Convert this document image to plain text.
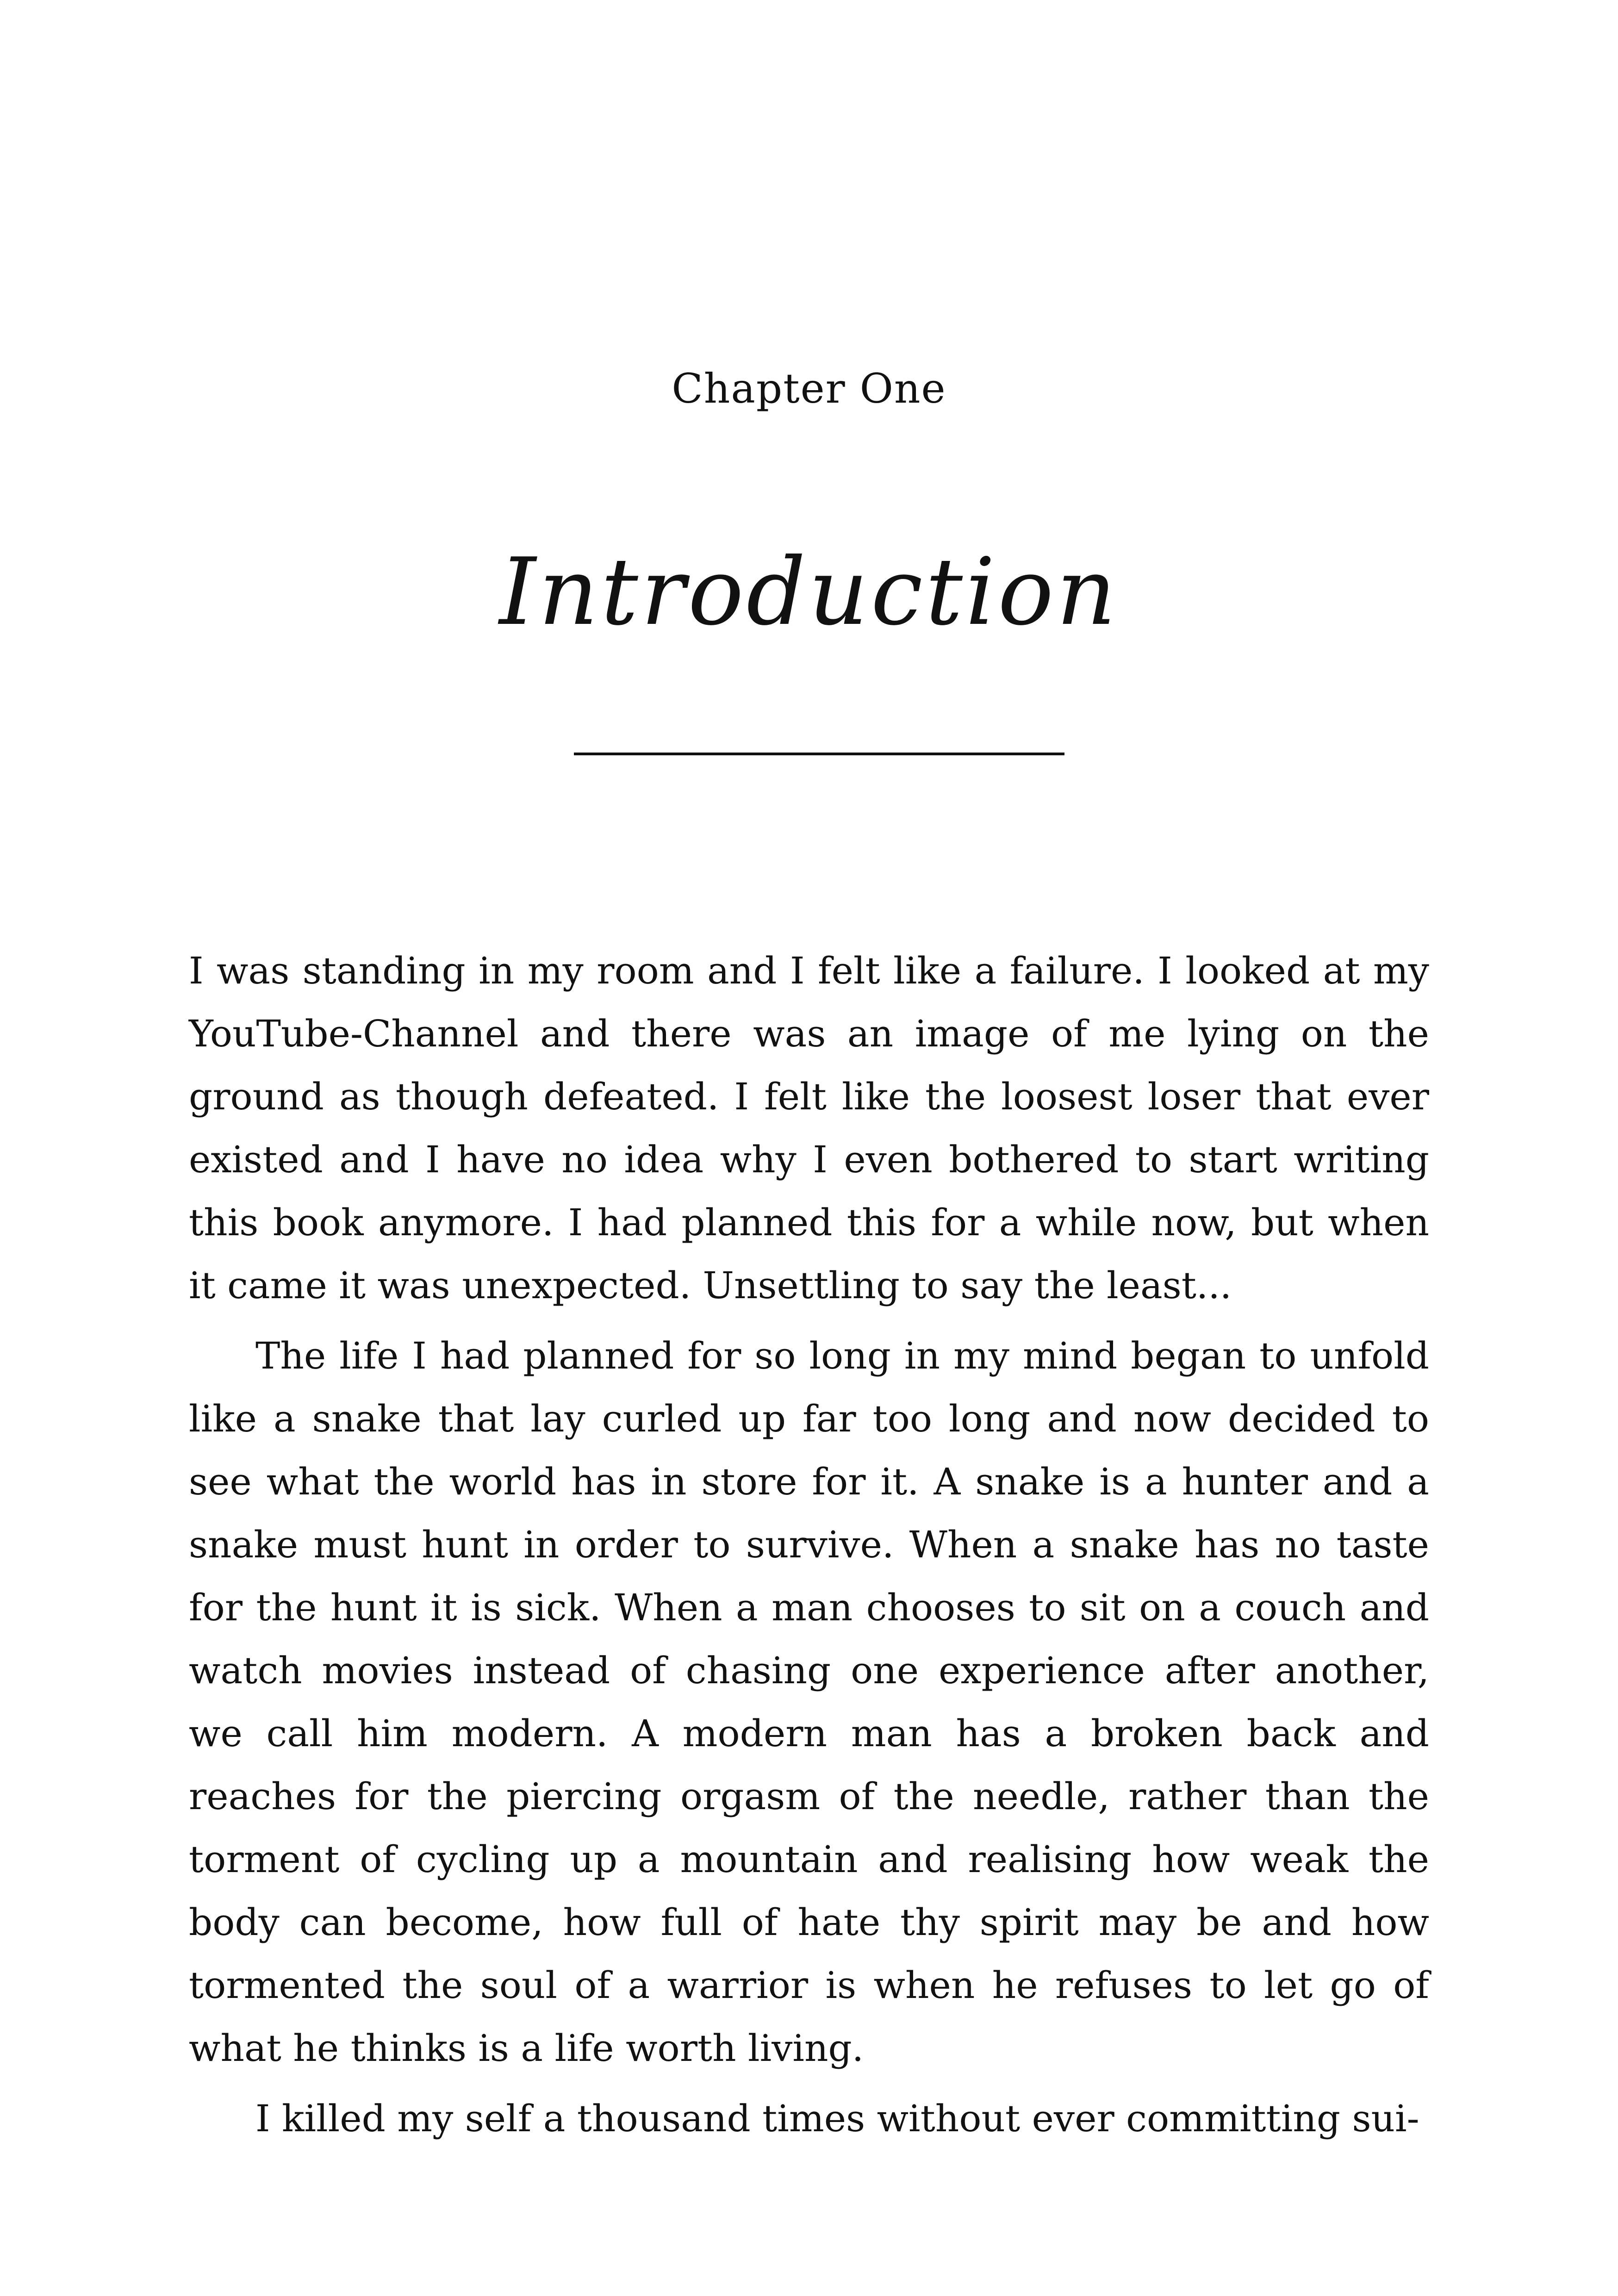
Chapter One
Introduction

I was standing in my room and I felt like a failure. I looked at my YouTube-Channel and there was an image of me lying on the ground as though defeated. I felt like the loosest loser that ever existed and I have no idea why I even bothered to start writing this book anymore. I had planned this for a while now, but when it came it was unexpected. Unsettling to say the least...

The life I had planned for so long in my mind began to unfold like a snake that lay curled up far too long and now decided to see what the world has in store for it. A snake is a hunter and a snake must hunt in order to survive. When a snake has no taste for the hunt it is sick. When a man chooses to sit on a couch and watch movies instead of chasing one experience after another, we call him modern. A modern man has a broken back and reaches for the piercing orgasm of the needle, rather than the torment of cycling up a mountain and realising how weak the body can become, how full of hate thy spirit may be and how tormented the soul of a warrior is when he refuses to let go of what he thinks is a life worth living.

I killed my self a thousand times without ever committing sui-
